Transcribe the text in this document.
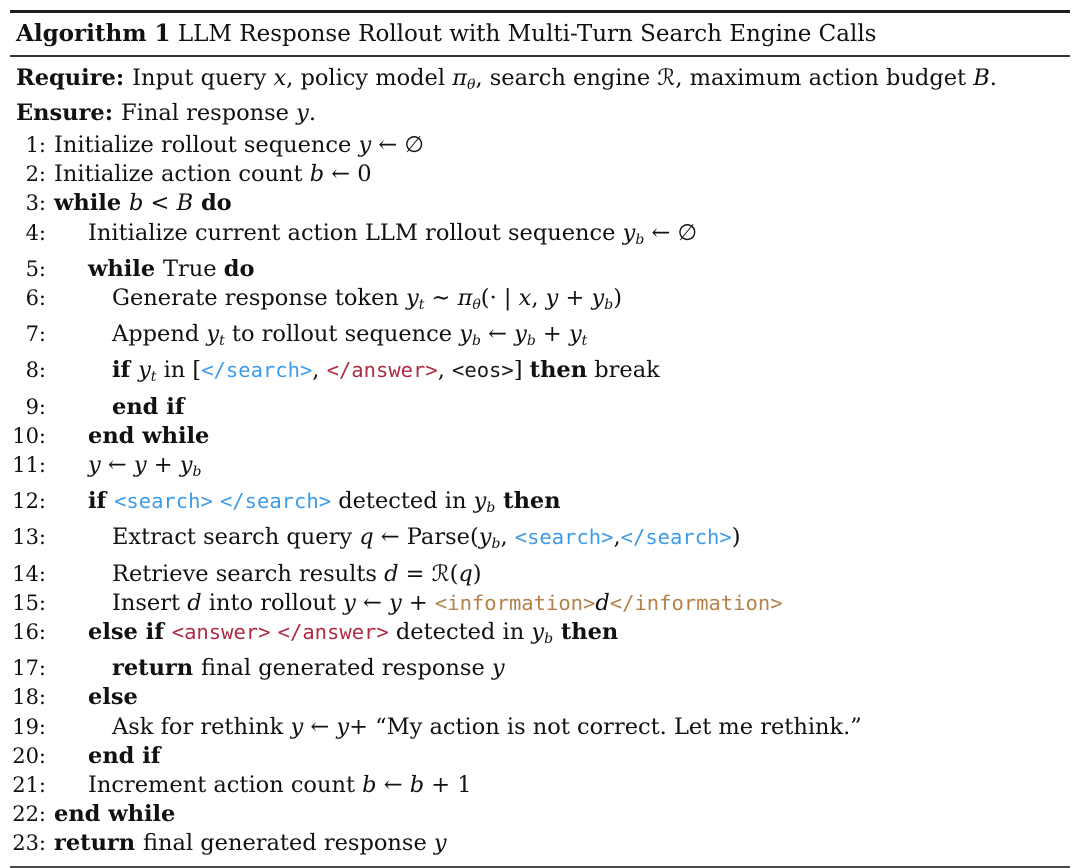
Algorithm 1 LLM Response Rollout with Multi-Turn Search Engine Calls
Require: Input query x, policy model πθ, search engine ℛ, maximum action budget B.
Ensure: Final response y.
1: Initialize rollout sequence y ← ∅
2: Initialize action count b ← 0
3: while b < B do
4:	Initialize current action LLM rollout sequence yb ← ∅
5:	while True do
6:	Generate response token yt ∼ πθ(· | x, y + yb)
7:	Append yt to rollout sequence yb ← yb + yt
8:	if yt in [</search>, </answer>, <eos>] then break
9:	end if
10:	end while
11:	y ← y + yb
12:	if <search> </search> detected in yb then
13:	Extract search query q ← Parse(yb, <search>,</search>)
14:	Retrieve search results d = ℛ(q)
15:	Insert d into rollout y ← y + <information>d</information>
16:	else if <answer> </answer> detected in yb then
17:	return final generated response y
18:	else
19:	Ask for rethink y ← y+ “My action is not correct. Let me rethink.”
20:	end if
21:	Increment action count b ← b + 1
22: end while
23: return final generated response y
